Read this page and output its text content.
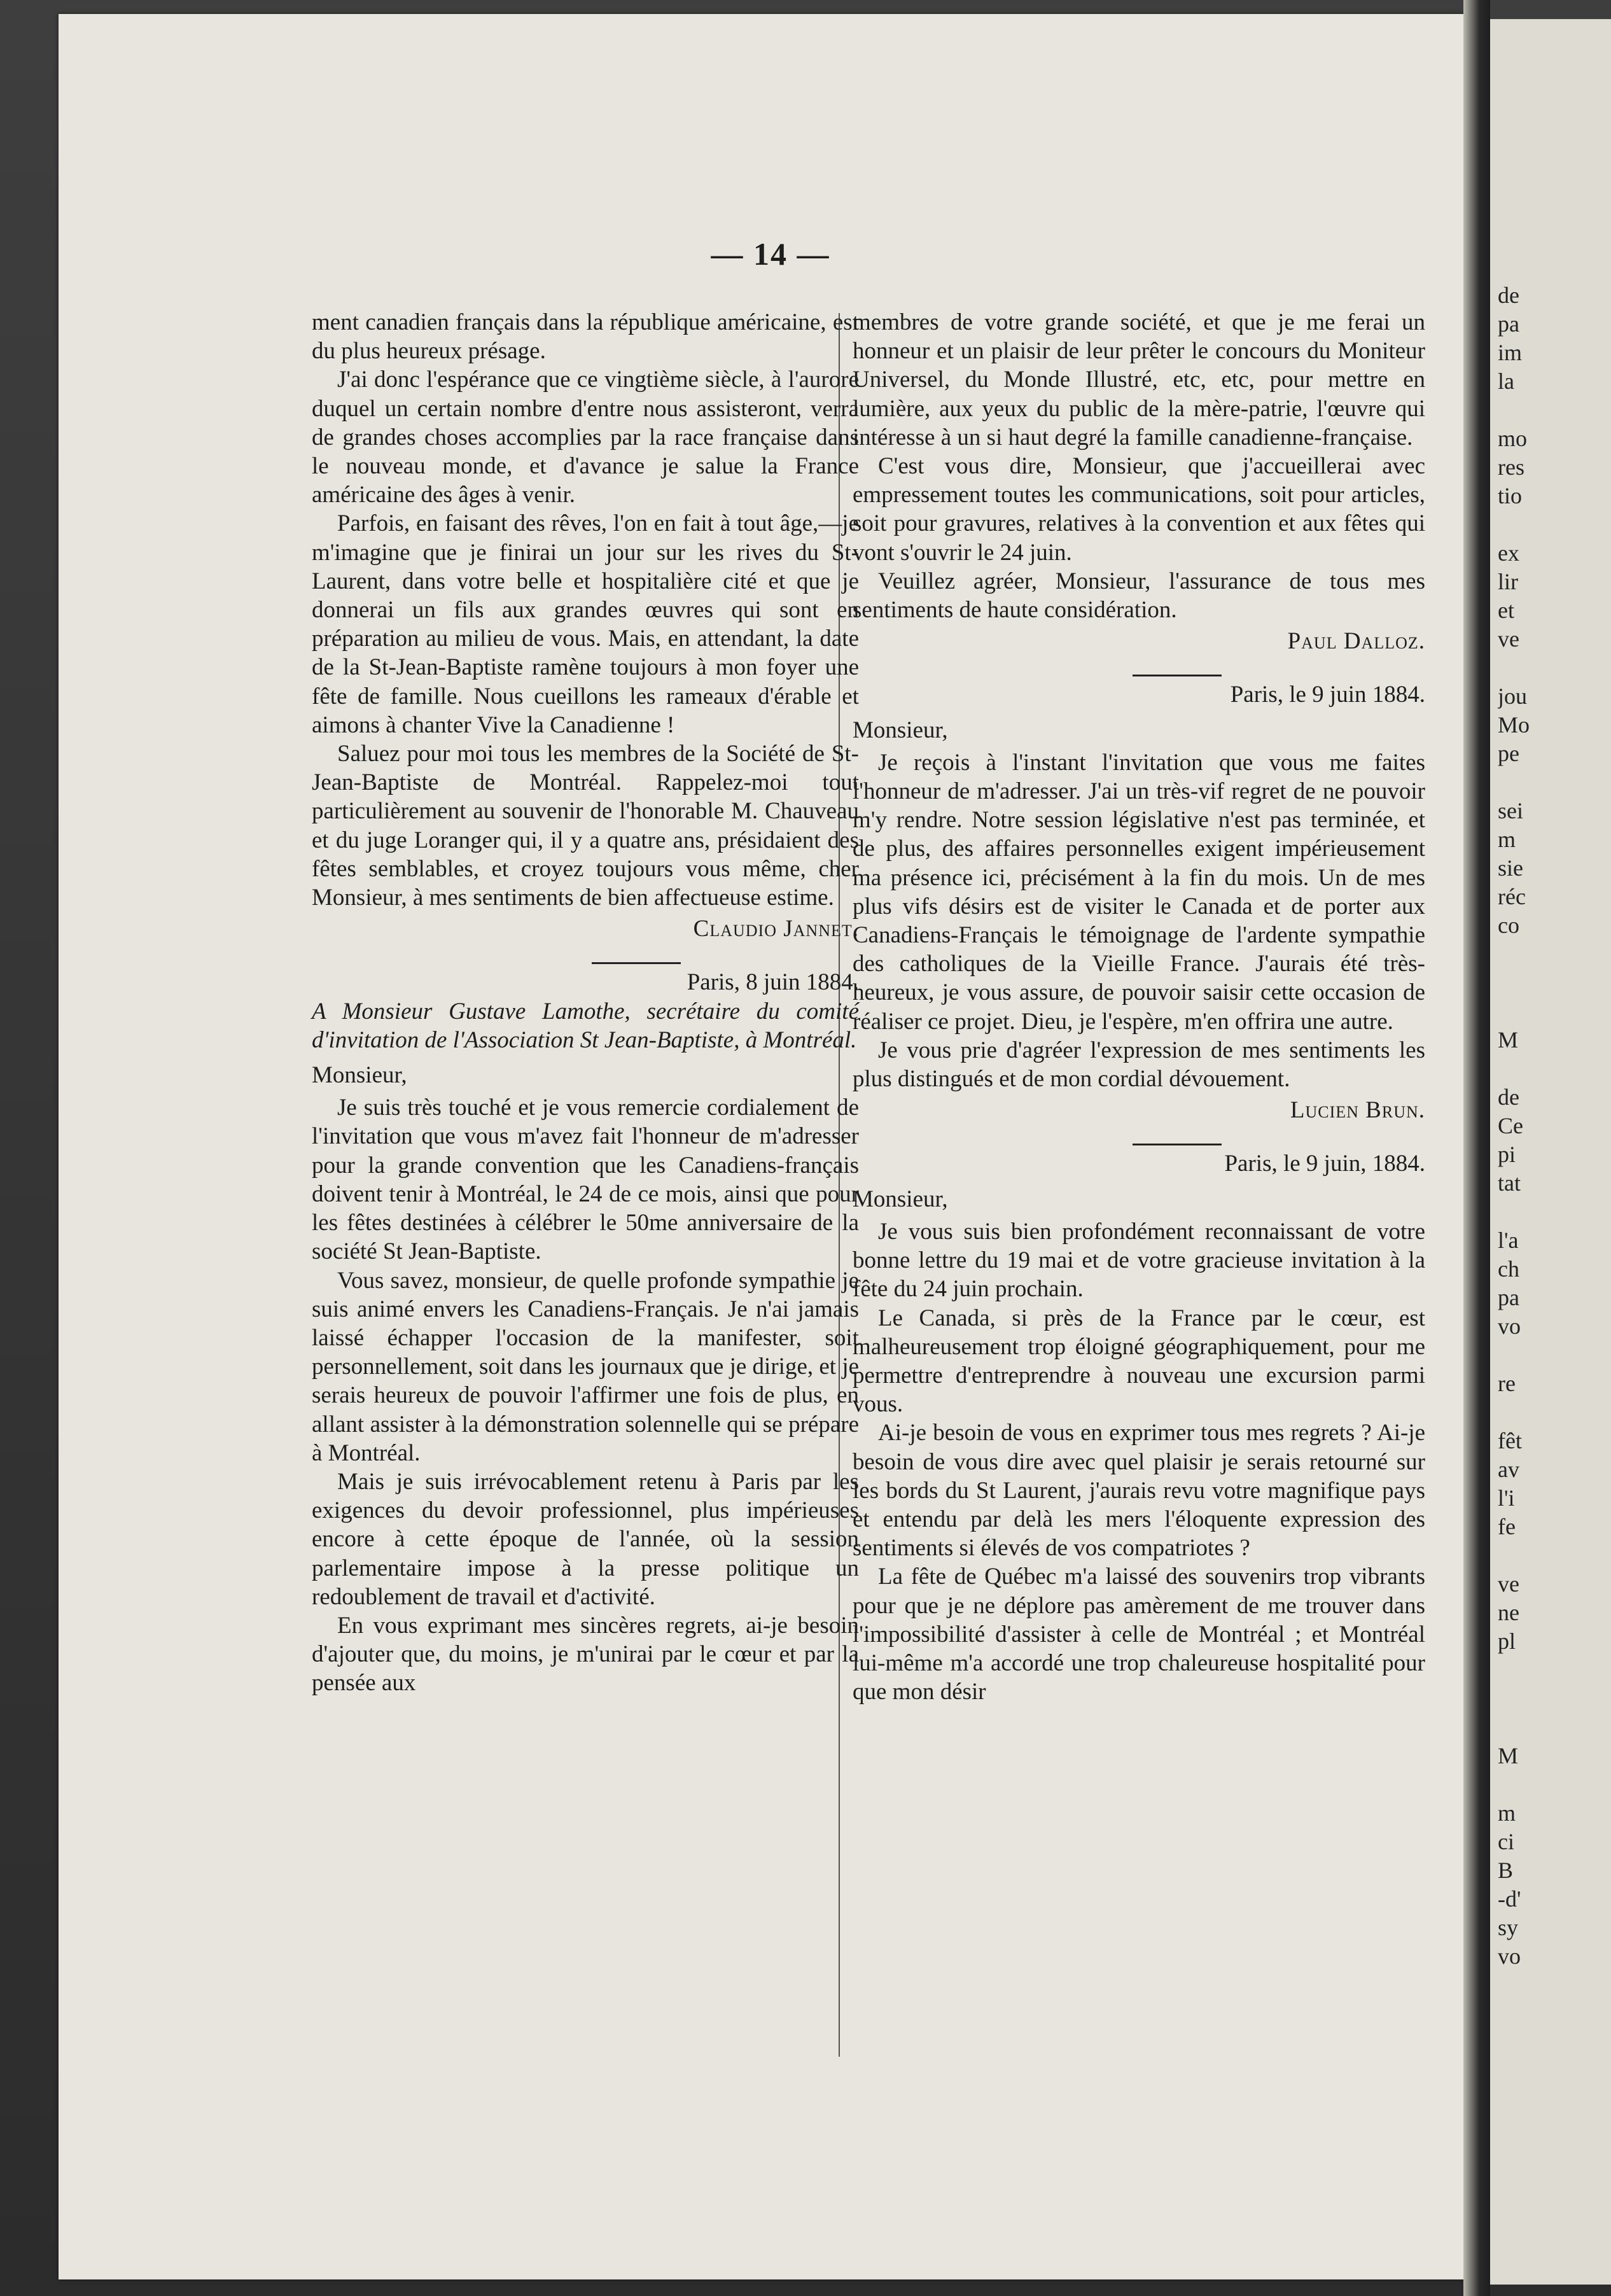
— 14 —

ment canadien français dans la république américaine, est du plus heureux présage.

J'ai donc l'espérance que ce vingtième siècle, à l'aurore duquel un certain nombre d'entre nous assisteront, verra de grandes choses accomplies par la race française dans le nouveau monde, et d'avance je salue la France américaine des âges à venir.

Parfois, en faisant des rêves, l'on en fait à tout âge,—je m'imagine que je finirai un jour sur les rives du St-Laurent, dans votre belle et hospitalière cité et que je donnerai un fils aux grandes œuvres qui sont en préparation au milieu de vous. Mais, en attendant, la date de la St-Jean-Baptiste ramène toujours à mon foyer une fête de famille. Nous cueillons les rameaux d'érable et aimons à chanter Vive la Canadienne !

Saluez pour moi tous les membres de la Société de St-Jean-Baptiste de Montréal. Rappelez-moi tout particulièrement au souvenir de l'honorable M. Chauveau et du juge Loranger qui, il y a quatre ans, présidaient des fêtes semblables, et croyez toujours vous même, cher Monsieur, à mes sentiments de bien affectueuse estime.

Claudio Jannet.

Paris, 8 juin 1884.

A Monsieur Gustave Lamothe, secrétaire du comité d'invitation de l'Association St Jean-Baptiste, à Montréal.

Monsieur,

Je suis très touché et je vous remercie cordialement de l'invitation que vous m'avez fait l'honneur de m'adresser pour la grande convention que les Canadiens-français doivent tenir à Montréal, le 24 de ce mois, ainsi que pour les fêtes destinées à célébrer le 50me anniversaire de la société St Jean-Baptiste.

Vous savez, monsieur, de quelle profonde sympathie je suis animé envers les Canadiens-Français. Je n'ai jamais laissé échapper l'occasion de la manifester, soit personnellement, soit dans les journaux que je dirige, et je serais heureux de pouvoir l'affirmer une fois de plus, en allant assister à la démonstration solennelle qui se prépare à Montréal.

Mais je suis irrévocablement retenu à Paris par les exigences du devoir professionnel, plus impérieuses encore à cette époque de l'année, où la session parlementaire impose à la presse politique un redoublement de travail et d'activité.

En vous exprimant mes sincères regrets, ai-je besoin d'ajouter que, du moins, je m'unirai par le cœur et par la pensée aux

membres de votre grande société, et que je me ferai un honneur et un plaisir de leur prêter le concours du Moniteur Universel, du Monde Illustré, etc, etc, pour mettre en lumière, aux yeux du public de la mère-patrie, l'œuvre qui intéresse à un si haut degré la famille canadienne-française.

C'est vous dire, Monsieur, que j'accueillerai avec empressement toutes les communications, soit pour articles, soit pour gravures, relatives à la convention et aux fêtes qui vont s'ouvrir le 24 juin.

Veuillez agréer, Monsieur, l'assurance de tous mes sentiments de haute considération.

Paul Dalloz.

Paris, le 9 juin 1884.

Monsieur,

Je reçois à l'instant l'invitation que vous me faites l'honneur de m'adresser. J'ai un très-vif regret de ne pouvoir m'y rendre. Notre session législative n'est pas terminée, et de plus, des affaires personnelles exigent impérieusement ma présence ici, précisément à la fin du mois. Un de mes plus vifs désirs est de visiter le Canada et de porter aux Canadiens-Français le témoignage de l'ardente sympathie des catholiques de la Vieille France. J'aurais été très-heureux, je vous assure, de pouvoir saisir cette occasion de réaliser ce projet. Dieu, je l'espère, m'en offrira une autre.

Je vous prie d'agréer l'expression de mes sentiments les plus distingués et de mon cordial dévouement.

Lucien Brun.

Paris, le 9 juin, 1884.

Monsieur,

Je vous suis bien profondément reconnaissant de votre bonne lettre du 19 mai et de votre gracieuse invitation à la fête du 24 juin prochain.

Le Canada, si près de la France par le cœur, est malheureusement trop éloigné géographiquement, pour me permettre d'entreprendre à nouveau une excursion parmi vous.

Ai-je besoin de vous en exprimer tous mes regrets ? Ai-je besoin de vous dire avec quel plaisir je serais retourné sur les bords du St Laurent, j'aurais revu votre magnifique pays et entendu par delà les mers l'éloquente expression des sentiments si élevés de vos compatriotes ?

La fête de Québec m'a laissé des souvenirs trop vibrants pour que je ne déplore pas amèrement de me trouver dans l'impossibilité d'assister à celle de Montréal ; et Montréal lui-même m'a accordé une trop chaleureuse hospitalité pour que mon désir

de
pa
im
la
mo
res
tio
ex
lir
et
ve
jou
Mo
pe
sei
m
sie
réc
co
M
de
Ce
pi
tat
l'a
ch
pa
vo
re
fêt
av
l'i
fe
ve
ne
pl
M
m
ci
B
-d'
sy
vo
